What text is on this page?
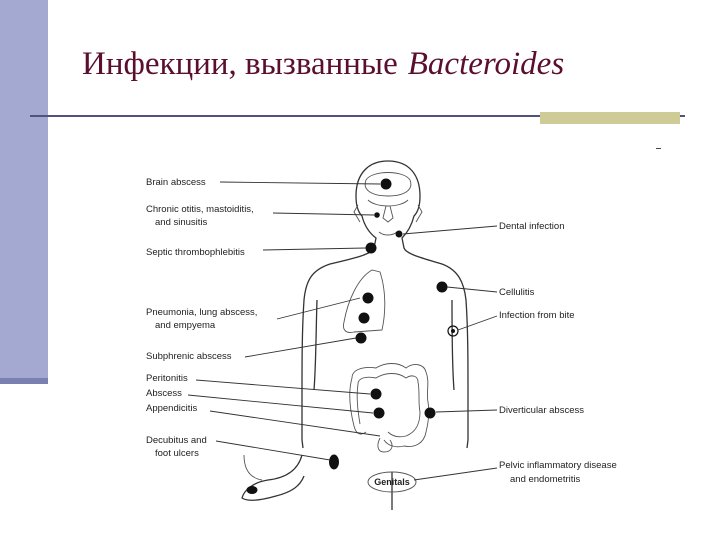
Инфекции, вызванные Bacteroides
Brain abscess
Chronic otitis, mastoiditis,
and sinusitis
Septic thrombophlebitis
Pneumonia, lung abscess,
and empyema
Subphrenic abscess
Peritonitis
Abscess
Appendicitis
Decubitus and
foot ulcers
Dental infection
Cellulitis
Infection from bite
Diverticular abscess
Pelvic inflammatory disease
and endometritis
Genitals
